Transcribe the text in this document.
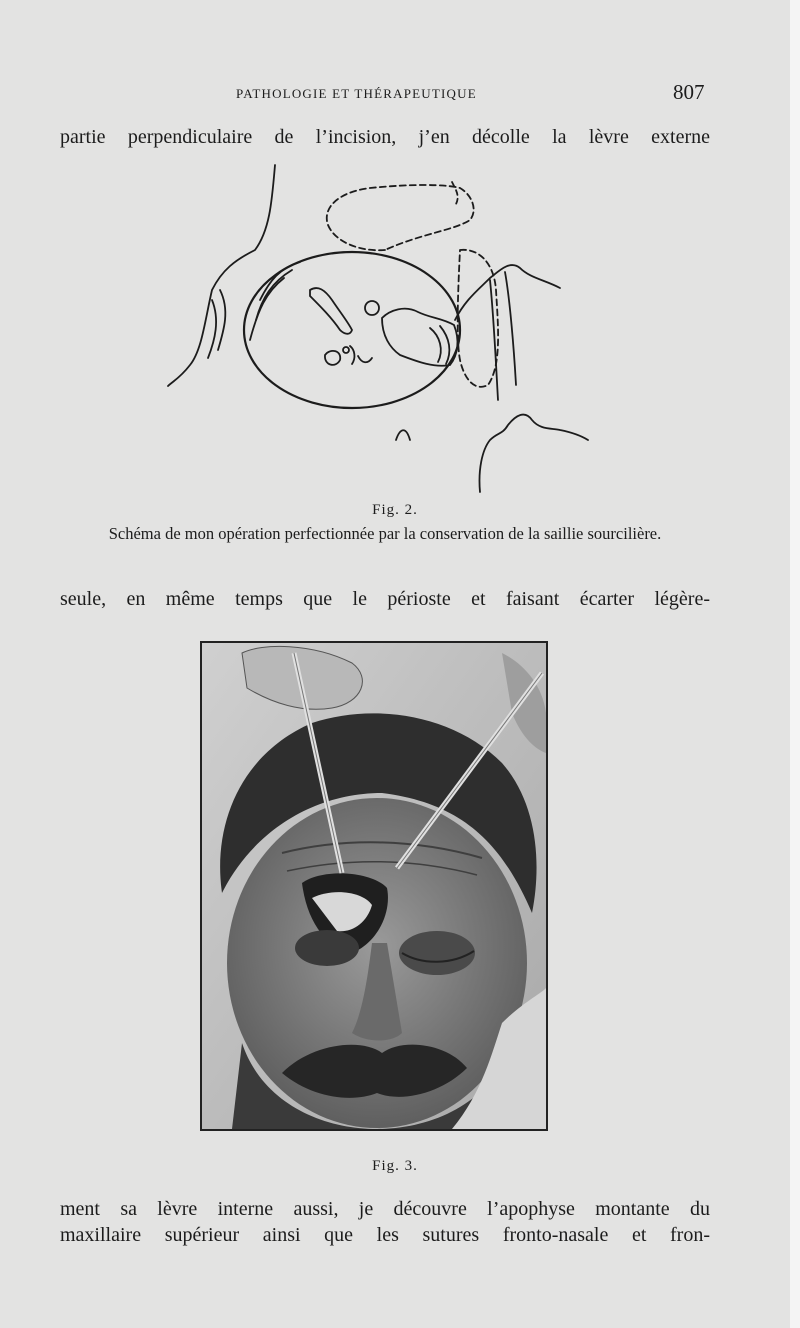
PATHOLOGIE ET THÉRAPEUTIQUE	807
partie perpendiculaire de l’incision, j’en décolle la lèvre externe
Fig. 2.
Schéma de mon opération perfectionnée par la conservation de la saillie sourcilière.
seule, en même temps que le périoste et faisant écarter légère-
Fig. 3.
ment sa lèvre interne aussi, je découvre l’apophyse montante du
maxillaire supérieur ainsi que les sutures fronto-nasale et fron-
